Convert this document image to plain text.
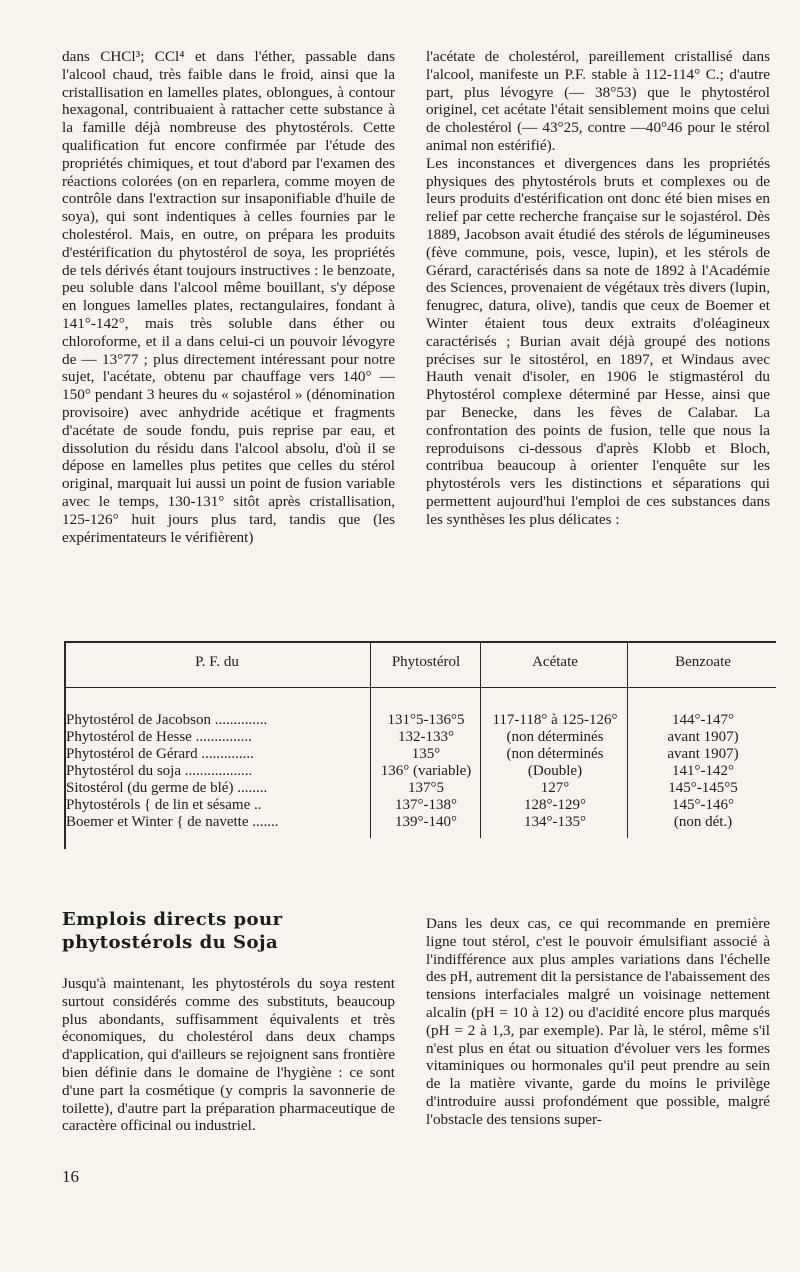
dans CHCl³; CCl⁴ et dans l'éther, passable dans l'alcool chaud, très faible dans le froid, ainsi que la cristallisation en lamelles plates, oblongues, à contour hexagonal, contribuaient à rattacher cette substance à la famille déjà nombreuse des phytostérols. Cette qualification fut encore confirmée par l'étude des propriétés chimiques, et tout d'abord par l'examen des réactions colorées (on en reparlera, comme moyen de contrôle dans l'extraction sur insaponifiable d'huile de soya), qui sont indentiques à celles fournies par le cholestérol. Mais, en outre, on prépara les produits d'estérification du phytostérol de soya, les propriétés de tels dérivés étant toujours instructives : le benzoate, peu soluble dans l'alcool même bouillant, s'y dépose en longues lamelles plates, rectangulaires, fondant à 141°-142°, mais très soluble dans éther ou chloroforme, et il a dans celui-ci un pouvoir lévogyre de — 13°77 ; plus directement intéressant pour notre sujet, l'acétate, obtenu par chauffage vers 140° — 150° pendant 3 heures du « sojastérol » (dénomination provisoire) avec anhydride acétique et fragments d'acétate de soude fondu, puis reprise par eau, et dissolution du résidu dans l'alcool absolu, d'où il se dépose en lamelles plus petites que celles du stérol original, marquait lui aussi un point de fusion variable avec le temps, 130-131° sitôt après cristallisation, 125-126° huit jours plus tard, tandis que (les expérimentateurs le vérifièrent)

l'acétate de cholestérol, pareillement cristallisé dans l'alcool, manifeste un P.F. stable à 112-114° C.; d'autre part, plus lévogyre (— 38°53) que le phytostérol originel, cet acétate l'était sensiblement moins que celui de cholestérol (— 43°25, contre —40°46 pour le stérol animal non estérifié).

Les inconstances et divergences dans les propriétés physiques des phytostérols bruts et complexes ou de leurs produits d'estérification ont donc été bien mises en relief par cette recherche française sur le sojastérol. Dès 1889, Jacobson avait étudié des stérols de légumineuses (fève commune, pois, vesce, lupin), et les stérols de Gérard, caractérisés dans sa note de 1892 à l'Académie des Sciences, provenaient de végétaux très divers (lupin, fenugrec, datura, olive), tandis que ceux de Boemer et Winter étaient tous deux extraits d'oléagineux caractérisés ; Burian avait déjà groupé des notions précises sur le sitostérol, en 1897, et Windaus avec Hauth venait d'isoler, en 1906 le stigmastérol du Phytostérol complexe déterminé par Hesse, ainsi que par Benecke, dans les fèves de Calabar. La confrontation des points de fusion, telle que nous la reproduisons ci-dessous d'après Klobb et Bloch, contribua beaucoup à orienter l'enquête sur les phytostérols vers les distinctions et séparations qui permettent aujourd'hui l'emploi de ces substances dans les synthèses les plus délicates :

P. F. du	Phytostérol	Acétate	Benzoate
Phytostérol de Jacobson ..............	131°5-136°5	117-118° à 125-126°	144°-147°
Phytostérol de Hesse ...............	132-133°	(non déterminés	avant 1907)
Phytostérol de Gérard ..............	135°	(non déterminés	avant 1907)
Phytostérol du soja ..................	136° (variable)	(Double)	141°-142°
Sitostérol (du germe de blé) ........	137°5	127°	145°-145°5
Phytostérols { de lin et sésame ..	137°-138°	128°-129°	145°-146°
Boemer et Winter { de navette .......	139°-140°	134°-135°	(non dét.)
Emplois directs pour phytostérols du Soja

Jusqu'à maintenant, les phytostérols du soya restent surtout considérés comme des substituts, beaucoup plus abondants, suffisamment équivalents et très économiques, du cholestérol dans deux champs d'application, qui d'ailleurs se rejoignent sans frontière bien définie dans le domaine de l'hygiène : ce sont d'une part la cosmétique (y compris la savonnerie de toilette), d'autre part la préparation pharmaceutique de caractère officinal ou industriel.

Dans les deux cas, ce qui recommande en première ligne tout stérol, c'est le pouvoir émulsifiant associé à l'indifférence aux plus amples variations dans l'échelle des pH, autrement dit la persistance de l'abaissement des tensions interfaciales malgré un voisinage nettement alcalin (pH = 10 à 12) ou d'acidité encore plus marqués (pH = 2 à 1,3, par exemple). Par là, le stérol, même s'il n'est plus en état ou situation d'évoluer vers les formes vitaminiques ou hormonales qu'il peut prendre au sein de la matière vivante, garde du moins le privilège d'introduire aussi profondément que possible, malgré l'obstacle des tensions super-

16
